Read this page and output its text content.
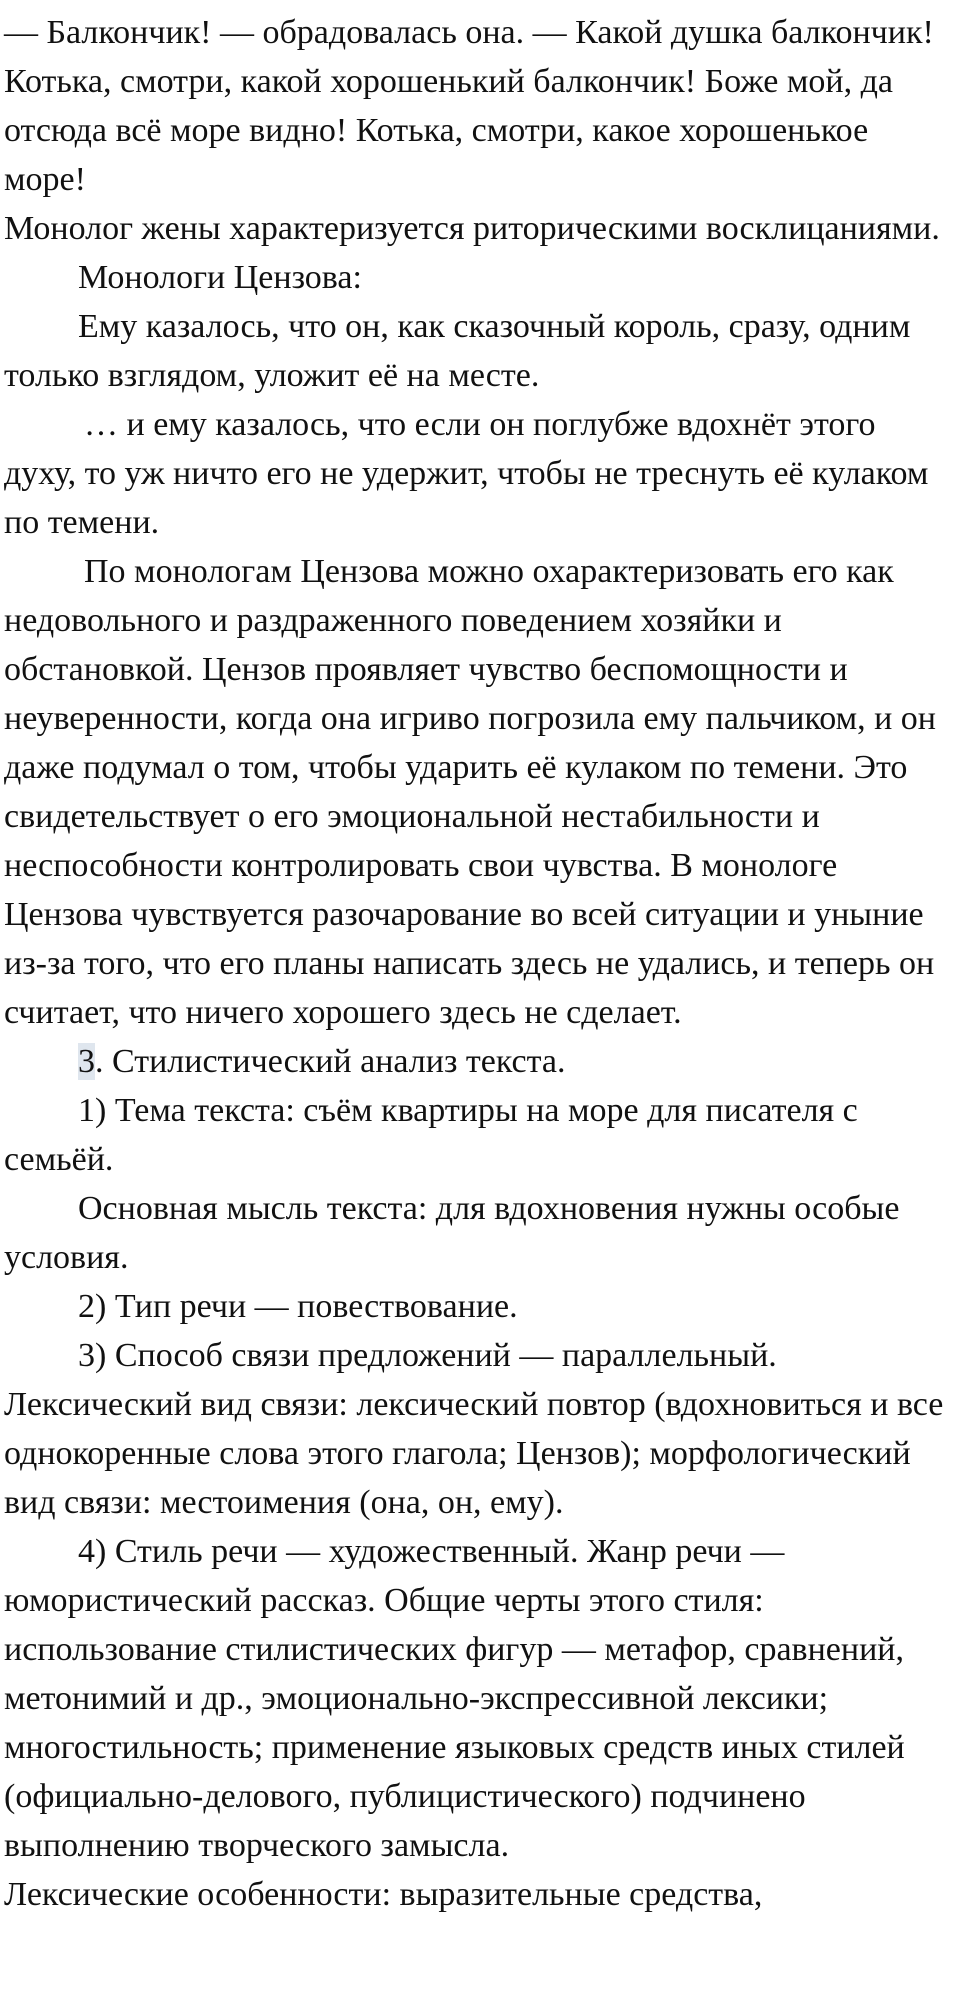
— Балкончик! — обрадовалась она. — Какой душка балкончик! Котька, смотри, какой хорошенький балкончик! Боже мой, да отсюда всё море видно! Котька, смотри, какое хорошенькое море!

Монолог жены характеризуется риторическими восклицаниями.

Монологи Цензова:

Ему казалось, что он, как сказочный король, сразу, одним только взглядом, уложит её на месте.

… и ему казалось, что если он поглубже вдохнёт этого духу, то уж ничто его не удержит, чтобы не треснуть её кулаком по темени.

По монологам Цензова можно охарактеризовать его как недовольного и раздраженного поведением хозяйки и обстановкой. Цензов проявляет чувство беспомощности и неуверенности, когда она игриво погрозила ему пальчиком, и он даже подумал о том, чтобы ударить её кулаком по темени. Это свидетельствует о его эмоциональной нестабильности и неспособности контролировать свои чувства. В монологе Цензова чувствуется разочарование во всей ситуации и уныние из-за того, что его планы написать здесь не удались, и теперь он считает, что ничего хорошего здесь не сделает.

3. Стилистический анализ текста.

1) Тема текста: съём квартиры на море для писателя с семьёй.

Основная мысль текста: для вдохновения нужны особые условия.

2) Тип речи — повествование.

3) Способ связи предложений — параллельный.

Лексический вид связи: лексический повтор (вдохновиться и все однокоренные слова этого глагола; Цензов); морфологический вид связи: местоимения (она, он, ему).

4) Стиль речи — художественный. Жанр речи — юмористический рассказ. Общие черты этого стиля: использование стилистических фигур — метафор, сравнений, метонимий и др., эмоционально-экспрессивной лексики; многостильность; применение языковых средств иных стилей (официально-делового, публицистического) подчинено выполнению творческого замысла.

Лексические особенности: выразительные средства,
